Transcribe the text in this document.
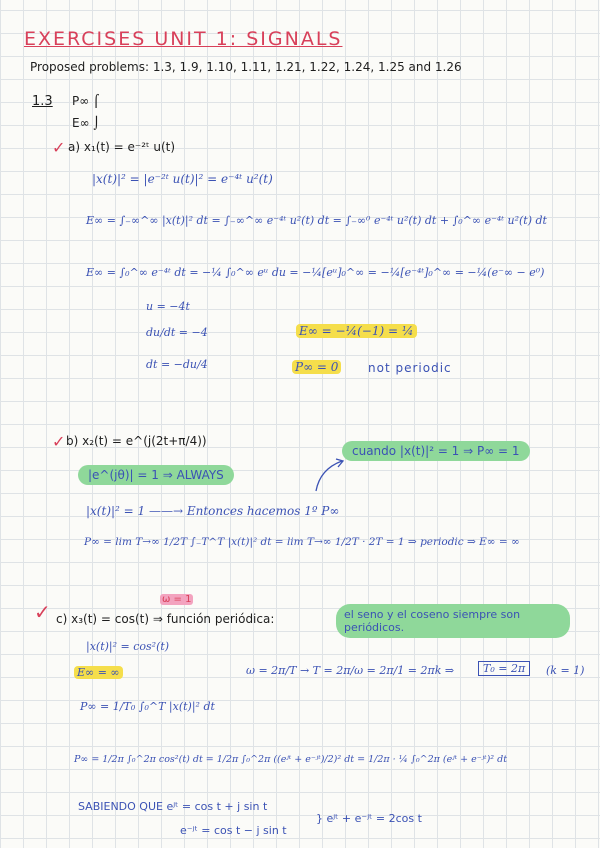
EXERCISES UNIT 1: SIGNALS
Proposed problems: 1.3, 1.9, 1.10, 1.11, 1.21, 1.22, 1.24, 1.25 and 1.26
1.3 P∞ ⌠
E∞ ⌡
✓ a) x₁(t) = e⁻²ᵗ u(t)
|x(t)|² = |e⁻²ᵗ u(t)|² = e⁻⁴ᵗ u²(t)
E∞ = ∫₋∞^∞ |x(t)|² dt = ∫₋∞^∞ e⁻⁴ᵗ u²(t) dt = ∫₋∞⁰ e⁻⁴ᵗ u²(t) dt + ∫₀^∞ e⁻⁴ᵗ u²(t) dt
E∞ = ∫₀^∞ e⁻⁴ᵗ dt = −¼ ∫₀^∞ eᵘ du = −¼[eᵘ]₀^∞ = −¼[e⁻⁴ᵗ]₀^∞ = −¼(e⁻∞ − e⁰)
u = −4t
du/dt = −4
dt = −du/4
E∞ = −¼(−1) = ¼
P∞ = 0 not periodic
✓ b) x₂(t) = e^(j(2t+π/4))
|e^(jθ)| = 1 ⇒ ALWAYS
cuando |x(t)|² = 1 ⇒ P∞ = 1
|x(t)|² = 1 ——→ Entonces hacemos 1º P∞
P∞ = lim T→∞ 1/2T ∫₋T^T |x(t)|² dt = lim T→∞ 1/2T · 2T = 1 ⇒ periodic ⇒ E∞ = ∞
ω = 1
✓ c) x₃(t) = cos(t) ⇒ función periódica:	el seno y el coseno siempre son periódicos.
|x(t)|² = cos²(t)
E∞ = ∞	ω = 2π/T → T = 2π/ω = 2π/1 = 2πk ⇒	T₀ = 2π	(k = 1)
P∞ = 1/T₀ ∫₀^T |x(t)|² dt
P∞ = 1/2π ∫₀^2π cos²(t) dt = 1/2π ∫₀^2π ((eʲᵗ + e⁻ʲᵗ)/2)² dt = 1/2π · ¼ ∫₀^2π (eʲᵗ + e⁻ʲᵗ)² dt
SABIENDO QUE eʲᵗ = cos t + j sin t
e⁻ʲᵗ = cos t − j sin t
} eʲᵗ + e⁻ʲᵗ = 2cos t
